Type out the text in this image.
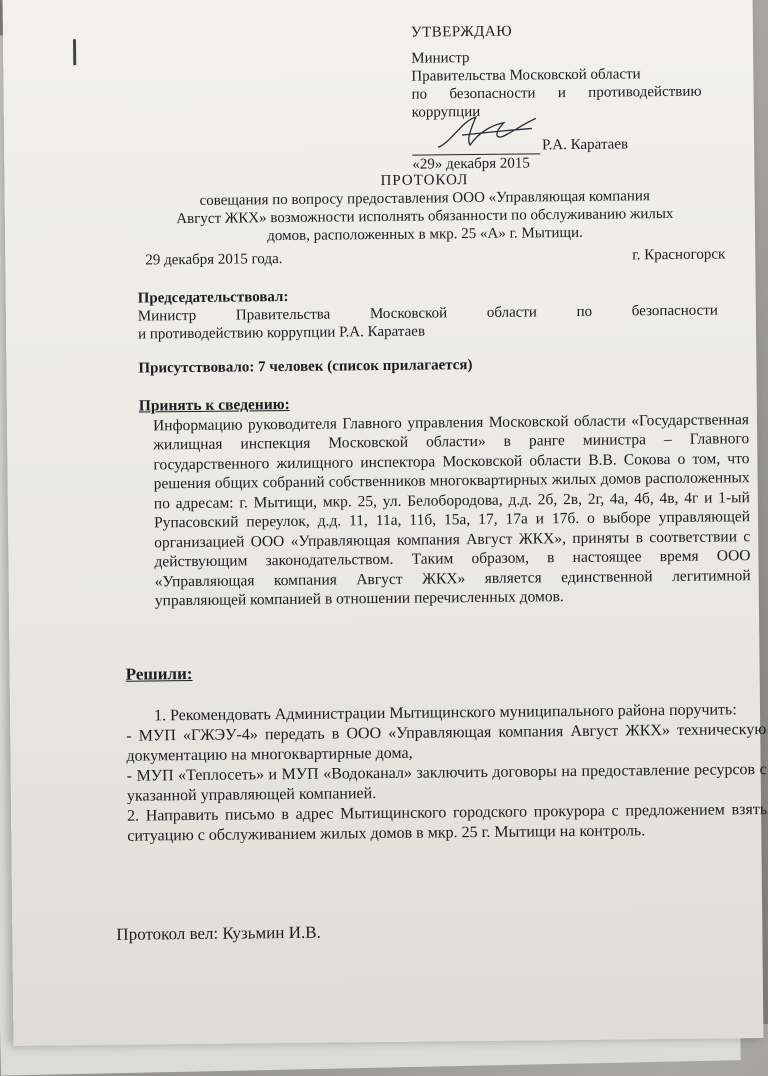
УТВЕРЖДАЮ
Министр
Правительства Московской области
по безопасности и противодействию
коррупции
Р.А. Каратаев
«29» декабря 2015
ПРОТОКОЛ
совещания по вопросу предоставления ООО «Управляющая компания
Август ЖКХ» возможности исполнять обязанности по обслуживанию жилых
домов, расположенных в мкр. 25 «А» г. Мытищи.
29 декабря 2015 года.	г. Красногорск
Председательствовал:
Министр Правительства Московской области по безопасности
и противодействию коррупции Р.А. Каратаев
Присутствовало: 7 человек (список прилагается)
Принять к сведению:
Информацию руководителя Главного управления Московской области «Государственная жилищная инспекция Московской области» в ранге министра – Главного государственного жилищного инспектора Московской области В.В. Сокова о том, что решения общих собраний собственников многоквартирных жилых домов расположенных по адресам: г. Мытищи, мкр. 25, ул. Белобородова, д.д. 2б, 2в, 2г, 4а, 4б, 4в, 4г и 1-ый Рупасовский переулок, д.д. 11, 11а, 11б, 15а, 17, 17а и 17б. о выборе управляющей организацией ООО «Управляющая компания Август ЖКХ», приняты в соответствии с действующим законодательством. Таким образом, в настоящее время ООО «Управляющая компания Август ЖКХ» является единственной легитимной управляющей компанией в отношении перечисленных домов.
Решили:

1. Рекомендовать Администрации Мытищинского муниципального района поручить:

- МУП «ГЖЭУ-4» передать в ООО «Управляющая компания Август ЖКХ» техническую документацию на многоквартирные дома,

- МУП «Теплосеть» и МУП «Водоканал» заключить договоры на предоставление ресурсов с указанной управляющей компанией.

2. Направить письмо в адрес Мытищинского городского прокурора с предложением взять ситуацию с обслуживанием жилых домов в мкр. 25 г. Мытищи на контроль.

Протокол вел: Кузьмин И.В.
